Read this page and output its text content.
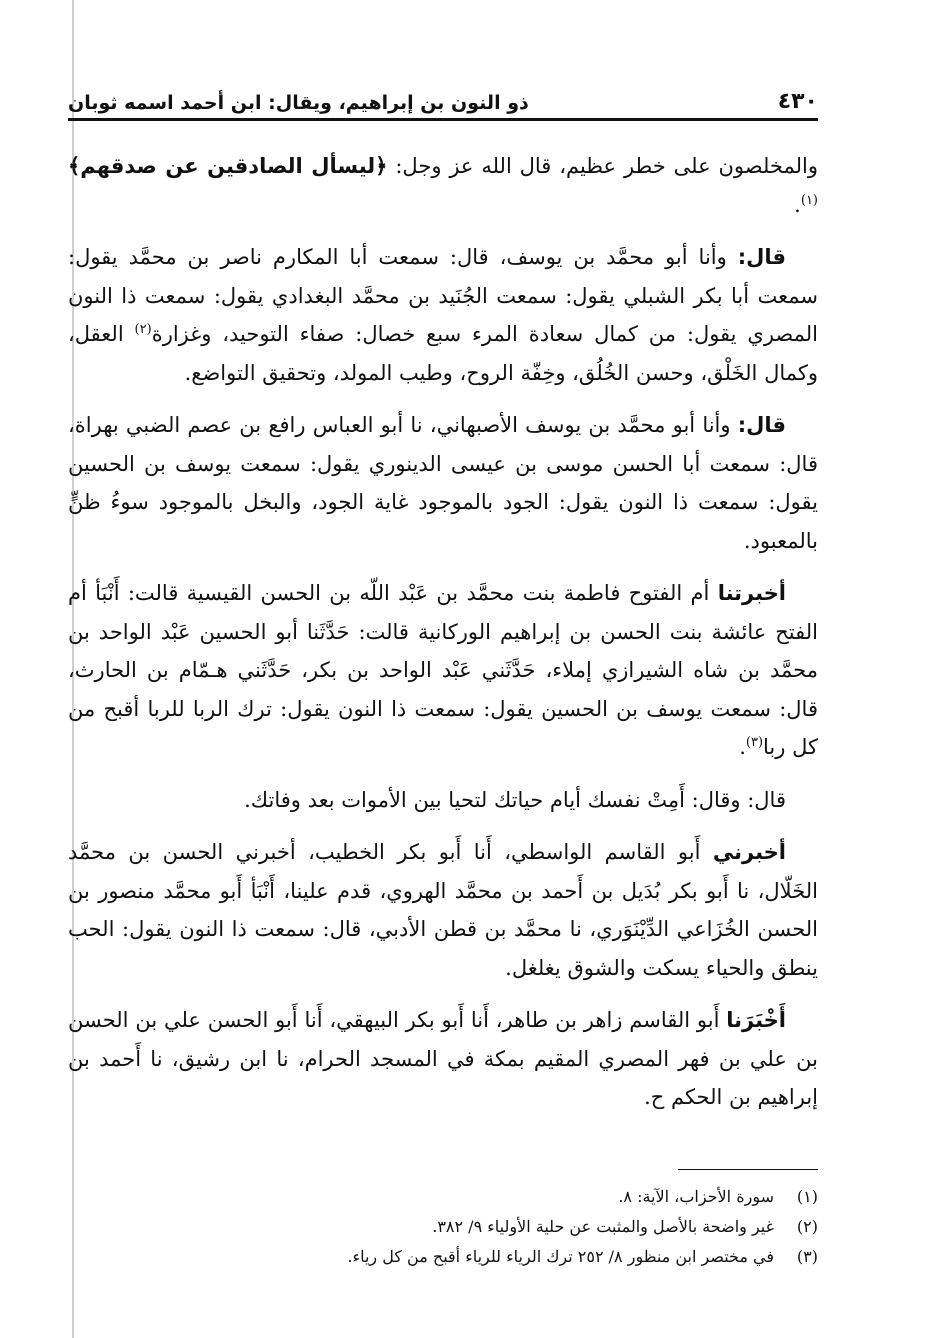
٤٣٠
ذو النون بن إبراهيم، ويقال: ابن أحمد اسمه ثوبان

والمخلصون على خطر عظيم، قال الله عز وجل: ﴿ليسأل الصادقين عن صدقهم﴾$^{(١)}$.

قال: وأنا أبو محمَّد بن يوسف، قال: سمعت أبا المكارم ناصر بن محمَّد يقول: سمعت أبا بكر الشبلي يقول: سمعت الجُنَيد بن محمَّد البغدادي يقول: سمعت ذا النون المصري يقول: من كمال سعادة المرء سبع خصال: صفاء التوحيد، وغزارة$^{(٢)}$ العقل، وكمال الخَلْق، وحسن الخُلُق، وخِفّة الروح، وطيب المولد، وتحقيق التواضع.

قال: وأنا أبو محمَّد بن يوسف الأصبهاني، نا أبو العباس رافع بن عصم الضبي بهراة، قال: سمعت أبا الحسن موسى بن عيسى الدينوري يقول: سمعت يوسف بن الحسين يقول: سمعت ذا النون يقول: الجود بالموجود غاية الجود، والبخل بالموجود سوءُ ظنٍّ بالمعبود.

أخبرتنا أم الفتوح فاطمة بنت محمَّد بن عَبْد اللّه بن الحسن القيسية قالت: أَنْبَأ أم الفتح عائشة بنت الحسن بن إبراهيم الوركانية قالت: حَدَّثَنا أبو الحسين عَبْد الواحد بن محمَّد بن شاه الشيرازي إملاء، حَدَّثَني عَبْد الواحد بن بكر، حَدَّثَني هـمّام بن الحارث، قال: سمعت يوسف بن الحسين يقول: سمعت ذا النون يقول: ترك الربا للربا أقبح من كل ربا$^{(٣)}$.

قال: وقال: أَمِتْ نفسك أيام حياتك لتحيا بين الأموات بعد وفاتك.

أخبرني أَبو القاسم الواسطي، أَنا أَبو بكر الخطيب، أخبرني الحسن بن محمَّد الخَلّال، نا أَبو بكر بُدَيل بن أَحمد بن محمَّد الهروي، قدم علينا، أَنْبَأ أَبو محمَّد منصور بن الحسن الخُزَاعي الدِّيْنَوَري، نا محمَّد بن قطن الأدبي، قال: سمعت ذا النون يقول: الحب ينطق والحياء يسكت والشوق يغلغل.

أَخْبَرَنا أَبو القاسم زاهر بن طاهر، أَنا أَبو بكر البيهقي، أَنا أَبو الحسن علي بن الحسن بن علي بن فهر المصري المقيم بمكة في المسجد الحرام، نا ابن رشيق، نا أَحمد بن إبراهيم بن الحكم ح.

(١)
سورة الأحزاب، الآية: ٨.
(٢)
غير واضحة بالأصل والمثبت عن حلية الأولياء ٩/ ٣٨٢.
(٣)
في مختصر ابن منظور ٨/ ٢٥٢ ترك الرياء للرياء أقبح من كل رياء.
